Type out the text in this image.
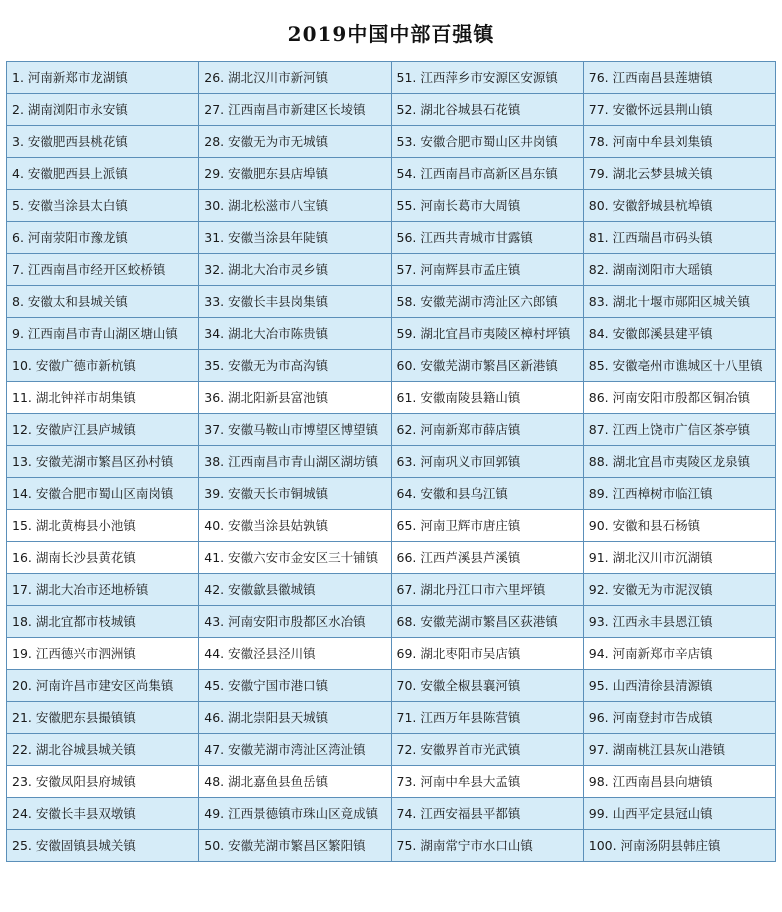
2019中国中部百强镇
1. 河南新郑市龙湖镇	26. 湖北汉川市新河镇	51. 江西萍乡市安源区安源镇	76. 江西南昌县莲塘镇

2. 湖南浏阳市永安镇	27. 江西南昌市新建区长堎镇	52. 湖北谷城县石花镇	77. 安徽怀远县荆山镇

3. 安徽肥西县桃花镇	28. 安徽无为市无城镇	53. 安徽合肥市蜀山区井岗镇	78. 河南中牟县刘集镇

4. 安徽肥西县上派镇	29. 安徽肥东县店埠镇	54. 江西南昌市高新区昌东镇	79. 湖北云梦县城关镇

5. 安徽当涂县太白镇	30. 湖北松滋市八宝镇	55. 河南长葛市大周镇	80. 安徽舒城县杭埠镇

6. 河南荥阳市豫龙镇	31. 安徽当涂县年陡镇	56. 江西共青城市甘露镇	81. 江西瑞昌市码头镇

7. 江西南昌市经开区蛟桥镇	32. 湖北大冶市灵乡镇	57. 河南辉县市孟庄镇	82. 湖南浏阳市大瑶镇

8. 安徽太和县城关镇	33. 安徽长丰县岗集镇	58. 安徽芜湖市湾沚区六郎镇	83. 湖北十堰市郧阳区城关镇

9. 江西南昌市青山湖区塘山镇	34. 湖北大冶市陈贵镇	59. 湖北宜昌市夷陵区樟村坪镇	84. 安徽郎溪县建平镇

10. 安徽广德市新杭镇	35. 安徽无为市高沟镇	60. 安徽芜湖市繁昌区新港镇	85. 安徽亳州市谯城区十八里镇

11. 湖北钟祥市胡集镇	36. 湖北阳新县富池镇	61. 安徽南陵县籍山镇	86. 河南安阳市殷都区铜冶镇

12. 安徽庐江县庐城镇	37. 安徽马鞍山市博望区博望镇	62. 河南新郑市薛店镇	87. 江西上饶市广信区茶亭镇

13. 安徽芜湖市繁昌区孙村镇	38. 江西南昌市青山湖区湖坊镇	63. 河南巩义市回郭镇	88. 湖北宜昌市夷陵区龙泉镇

14. 安徽合肥市蜀山区南岗镇	39. 安徽天长市铜城镇	64. 安徽和县乌江镇	89. 江西樟树市临江镇

15. 湖北黄梅县小池镇	40. 安徽当涂县姑孰镇	65. 河南卫辉市唐庄镇	90. 安徽和县石杨镇

16. 湖南长沙县黄花镇	41. 安徽六安市金安区三十铺镇	66. 江西芦溪县芦溪镇	91. 湖北汉川市沉湖镇

17. 湖北大冶市还地桥镇	42. 安徽歙县徽城镇	67. 湖北丹江口市六里坪镇	92. 安徽无为市泥汊镇

18. 湖北宜都市枝城镇	43. 河南安阳市殷都区水冶镇	68. 安徽芜湖市繁昌区荻港镇	93. 江西永丰县恩江镇

19. 江西德兴市泗洲镇	44. 安徽泾县泾川镇	69. 湖北枣阳市吴店镇	94. 河南新郑市辛店镇

20. 河南许昌市建安区尚集镇	45. 安徽宁国市港口镇	70. 安徽全椒县襄河镇	95. 山西清徐县清源镇

21. 安徽肥东县撮镇镇	46. 湖北崇阳县天城镇	71. 江西万年县陈营镇	96. 河南登封市告成镇

22. 湖北谷城县城关镇	47. 安徽芜湖市湾沚区湾沚镇	72. 安徽界首市光武镇	97. 湖南桃江县灰山港镇

23. 安徽凤阳县府城镇	48. 湖北嘉鱼县鱼岳镇	73. 河南中牟县大孟镇	98. 江西南昌县向塘镇

24. 安徽长丰县双墩镇	49. 江西景德镇市珠山区竟成镇	74. 江西安福县平都镇	99. 山西平定县冠山镇

25. 安徽固镇县城关镇	50. 安徽芜湖市繁昌区繁阳镇	75. 湖南常宁市水口山镇	100. 河南汤阴县韩庄镇
